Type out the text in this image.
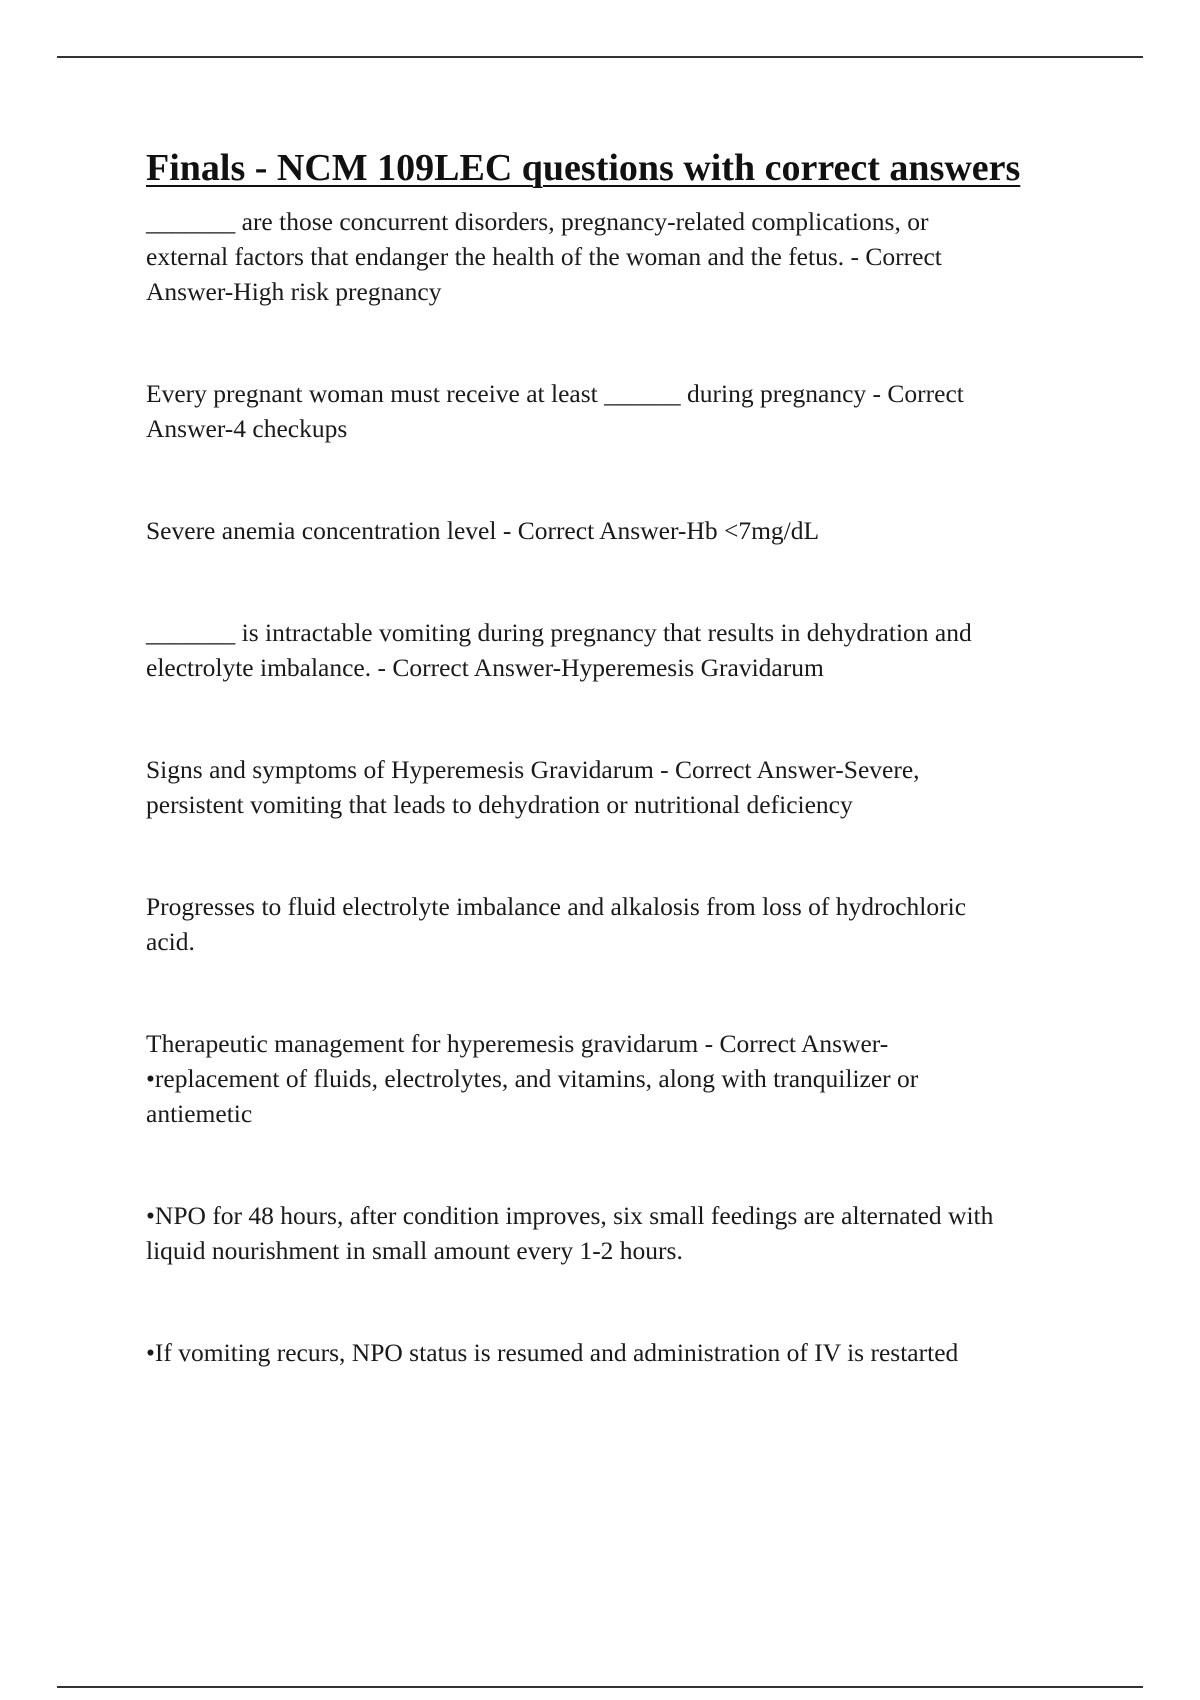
Finals - NCM 109LEC questions with correct answers

_______ are those concurrent disorders, pregnancy-related complications, or
external factors that endanger the health of the woman and the fetus. - Correct
Answer-High risk pregnancy

Every pregnant woman must receive at least ______ during pregnancy - Correct
Answer-4 checkups

Severe anemia concentration level - Correct Answer-Hb <7mg/dL

_______ is intractable vomiting during pregnancy that results in dehydration and
electrolyte imbalance. - Correct Answer-Hyperemesis Gravidarum

Signs and symptoms of Hyperemesis Gravidarum - Correct Answer-Severe,
persistent vomiting that leads to dehydration or nutritional deficiency

Progresses to fluid electrolyte imbalance and alkalosis from loss of hydrochloric
acid.

Therapeutic management for hyperemesis gravidarum - Correct Answer-
•replacement of fluids, electrolytes, and vitamins, along with tranquilizer or
antiemetic

•NPO for 48 hours, after condition improves, six small feedings are alternated with
liquid nourishment in small amount every 1-2 hours.

•If vomiting recurs, NPO status is resumed and administration of IV is restarted
